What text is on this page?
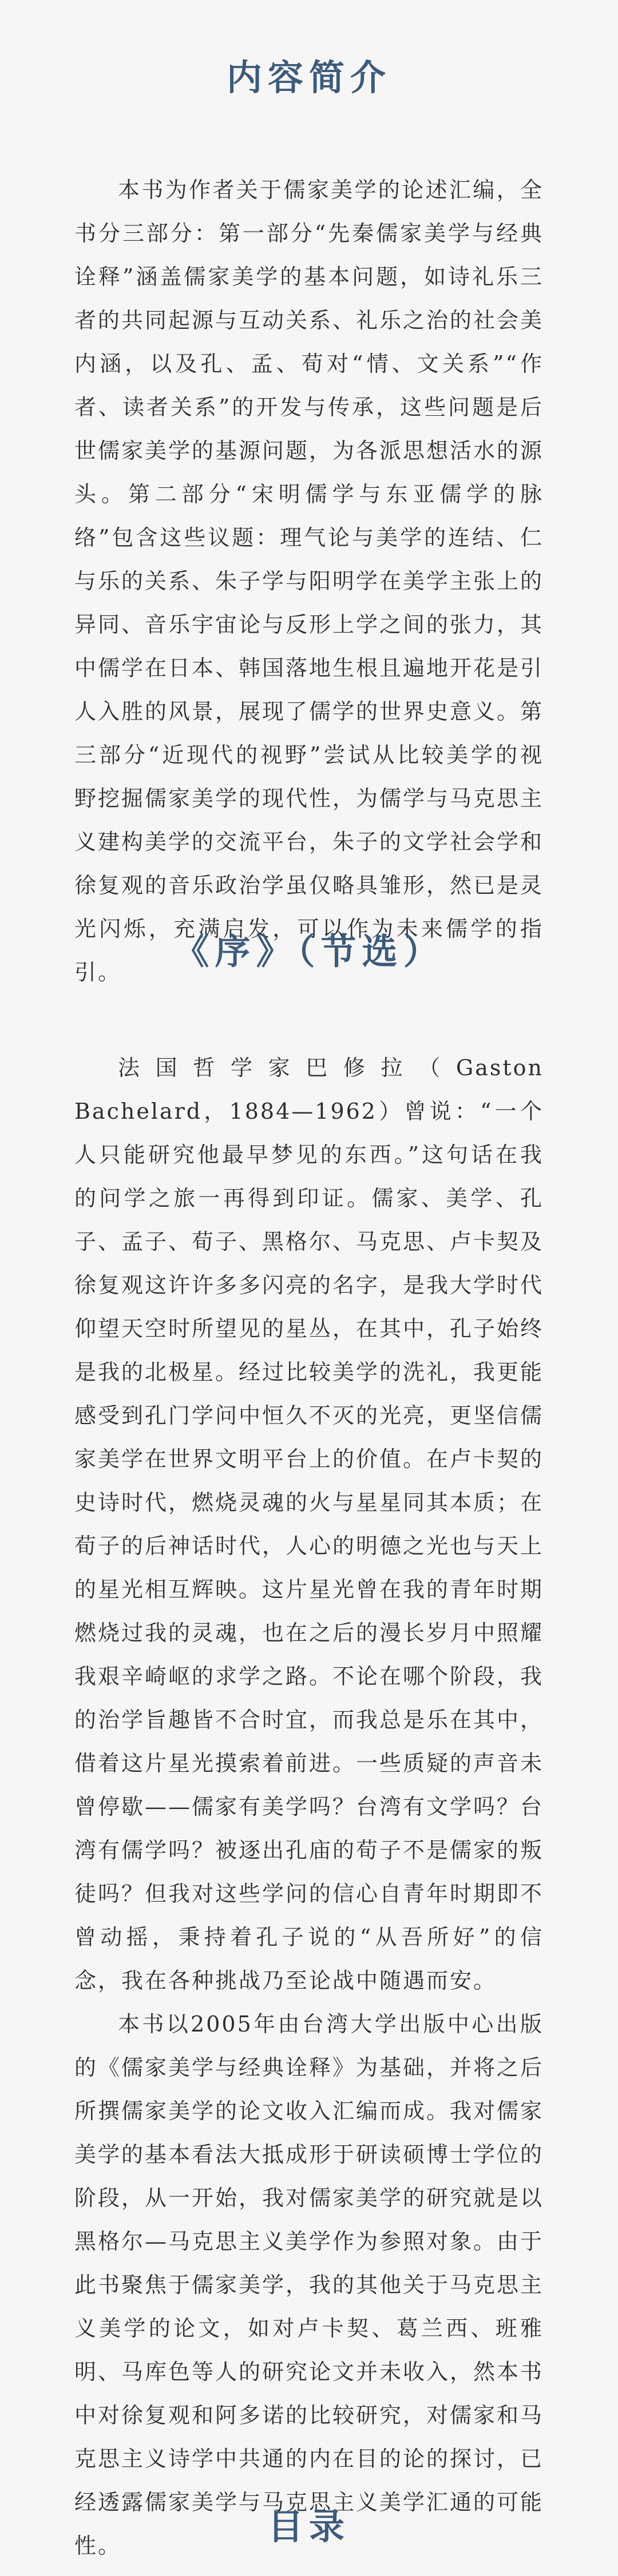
内容简介

本书为作者关于儒家美学的论述汇编，全书分三部分：第一部分“先秦儒家美学与经典诠释”涵盖儒家美学的基本问题，如诗礼乐三者的共同起源与互动关系、礼乐之治的社会美内涵，以及孔、孟、荀对“情、文关系”“作者、读者关系”的开发与传承，这些问题是后世儒家美学的基源问题，为各派思想活水的源头。第二部分“宋明儒学与东亚儒学的脉络”包含这些议题：理气论与美学的连结、仁与乐的关系、朱子学与阳明学在美学主张上的异同、音乐宇宙论与反形上学之间的张力，其中儒学在日本、韩国落地生根且遍地开花是引人入胜的风景，展现了儒学的世界史意义。第三部分“近现代的视野”尝试从比较美学的视野挖掘儒家美学的现代性，为儒学与马克思主义建构美学的交流平台，朱子的文学社会学和徐复观的音乐政治学虽仅略具雏形，然已是灵光闪烁，充满启发，可以作为未来儒学的指引。	《序》（节选）

法国哲学家巴修拉（Gaston Bachelard，1884—1962）曾说：“一个人只能研究他最早梦见的东西。”这句话在我的问学之旅一再得到印证。儒家、美学、孔子、孟子、荀子、黑格尔、马克思、卢卡契及徐复观这许许多多闪亮的名字，是我大学时代仰望天空时所望见的星丛，在其中，孔子始终是我的北极星。经过比较美学的洗礼，我更能感受到孔门学问中恒久不灭的光亮，更坚信儒家美学在世界文明平台上的价值。在卢卡契的史诗时代，燃烧灵魂的火与星星同其本质；在荀子的后神话时代，人心的明德之光也与天上的星光相互辉映。这片星光曾在我的青年时期燃烧过我的灵魂，也在之后的漫长岁月中照耀我艰辛崎岖的求学之路。不论在哪个阶段，我的治学旨趣皆不合时宜，而我总是乐在其中，借着这片星光摸索着前进。一些质疑的声音未曾停歇——儒家有美学吗？台湾有文学吗？台湾有儒学吗？被逐出孔庙的荀子不是儒家的叛徒吗？但我对这些学问的信心自青年时期即不曾动摇，秉持着孔子说的“从吾所好”的信念，我在各种挑战乃至论战中随遇而安。

本书以2005年由台湾大学出版中心出版的《儒家美学与经典诠释》为基础，并将之后所撰儒家美学的论文收入汇编而成。我对儒家美学的基本看法大抵成形于研读硕博士学位的阶段，从一开始，我对儒家美学的研究就是以黑格尔—马克思主义美学作为参照对象。由于此书聚焦于儒家美学，我的其他关于马克思主义美学的论文，如对卢卡契、葛兰西、班雅明、马库色等人的研究论文并未收入，然本书中对徐复观和阿多诺的比较研究，对儒家和马克思主义诗学中共通的内在目的论的探讨，已经透露儒家美学与马克思主义美学汇通的可能性。	目录
